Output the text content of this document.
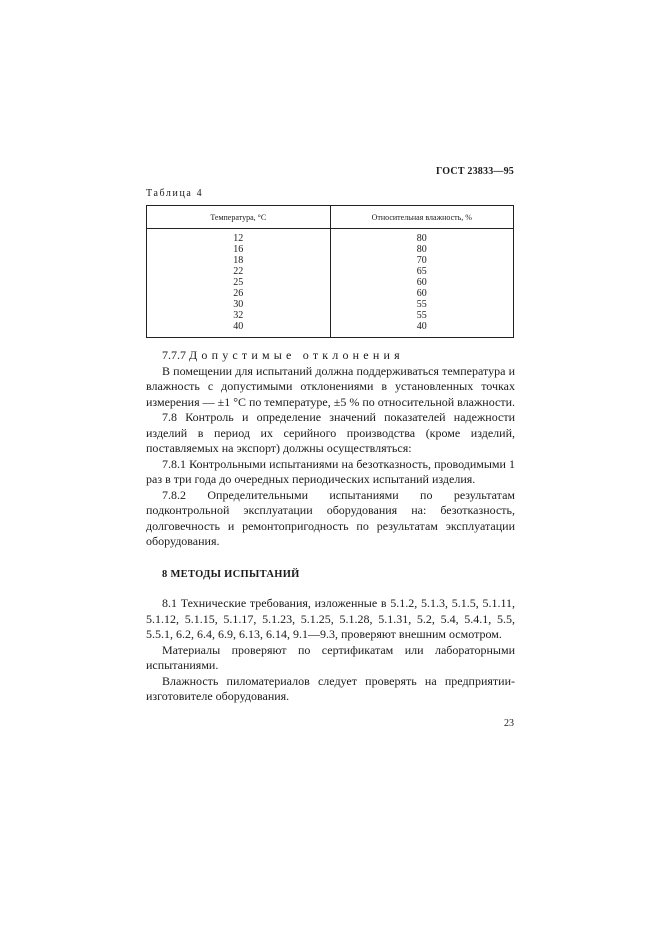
ГОСТ 23833—95
Таблица 4
Температура, °С	Относительная влажность, %
12	80
16	80
18	70
22	65
25	60
26	60
30	55
32	55
40	40

7.7.7 Допустимые отклонения

В помещении для испытаний должна поддерживаться температура и влажность с допустимыми отклонениями в установленных точках измерения — ±1 °С по температуре, ±5 % по относительной влажности.

7.8 Контроль и определение значений показателей надежности изделий в период их серийного производства (кроме изделий, поставляемых на экспорт) должны осуществляться:

7.8.1 Контрольными испытаниями на безотказность, проводимыми 1 раз в три года до очередных периодических испытаний изделия.

7.8.2 Определительными испытаниями по результатам подконтрольной эксплуатации оборудования на: безотказность, долговечность и ремонтопригодность по результатам эксплуатации оборудования.

8 МЕТОДЫ ИСПЫТАНИЙ

8.1 Технические требования, изложенные в 5.1.2, 5.1.3, 5.1.5, 5.1.11, 5.1.12, 5.1.15, 5.1.17, 5.1.23, 5.1.25, 5.1.28, 5.1.31, 5.2, 5.4, 5.4.1, 5.5, 5.5.1, 6.2, 6.4, 6.9, 6.13, 6.14, 9.1—9.3, проверяют внешним осмотром.

Материалы проверяют по сертификатам или лабораторными испытаниями.

Влажность пиломатериалов следует проверять на предприятии-изготовителе оборудования.

23
